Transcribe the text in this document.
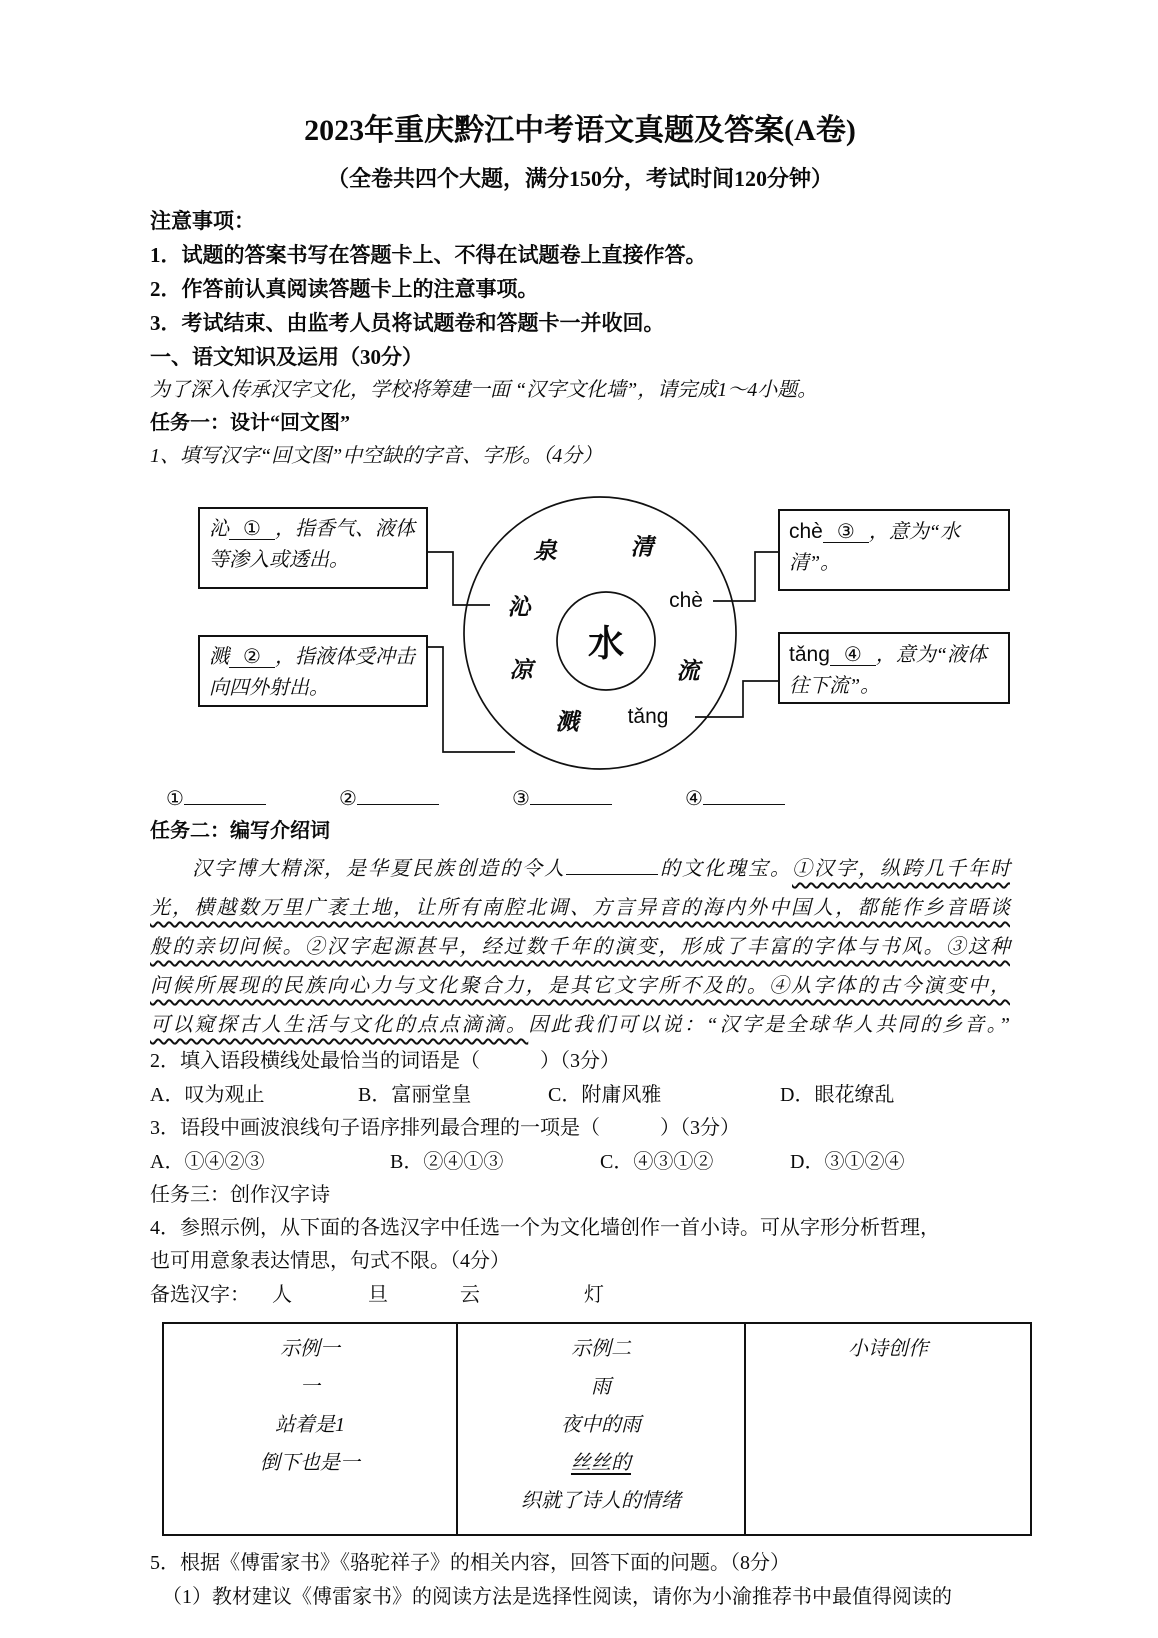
2023年重庆黔江中考语文真题及答案(A卷)
（全卷共四个大题，满分150分，考试时间120分钟）
注意事项：
1．试题的答案书写在答题卡上、不得在试题卷上直接作答。
2．作答前认真阅读答题卡上的注意事项。
3．考试结束、由监考人员将试题卷和答题卡一并收回。
一、语文知识及运用（30分）
为了深入传承汉字文化，学校将筹建一面 “汉字文化墙”，请完成1～4小题。
任务一：设计“回文图”
1、填写汉字“回文图”中空缺的字音、字形。（4分）
沁 ① ，指香气、液体等渗入或透出。
溅 ② ，指液体受冲击向四外射出。
chè ③ ，意为“水清”。
tǎng ④ ，意为“液体往下流”。
泉	清
沁	chè
凉	流
溅 tǎng
水
①	②	③	④
任务二：编写介绍词
汉字博大精深，是华夏民族创造的令人	的文化瑰宝。①汉字，纵跨几千年时
光，横越数万里广袤土地，让所有南腔北调、方言异音的海内外中国人，都能作乡音晤谈
般的亲切问候。②汉字起源甚早，经过数千年的演变，形成了丰富的字体与书风。③这种
问候所展现的民族向心力与文化聚合力，是其它文字所不及的。④从字体的古今演变中，
可以窥探古人生活与文化的点点滴滴。因此我们可以说：“汉字是全球华人共同的乡音。”
2．填入语段横线处最恰当的词语是（　　　）（3分）
A．叹为观止	B．富丽堂皇	C．附庸风雅	D．眼花缭乱
3．语段中画波浪线句子语序排列最合理的一项是（　　　）（3分）
A．①④②③	B．②④①③	C．④③①②	D．③①②④
任务三：创作汉字诗
4．参照示例，从下面的各选汉字中任选一个为文化墙创作一首小诗。可从字形分析哲理，
也可用意象表达情思，句式不限。（4分）
备选汉字： 人	旦	云	灯
示例一
一
站着是1
倒下也是一

示例二
雨
夜中的雨
丝丝的
织就了诗人的情绪

小诗创作
5．根据《傅雷家书》《骆驼祥子》的相关内容，回答下面的问题。（8分）
（1）教材建议《傅雷家书》的阅读方法是选择性阅读，请你为小渝推荐书中最值得阅读的
